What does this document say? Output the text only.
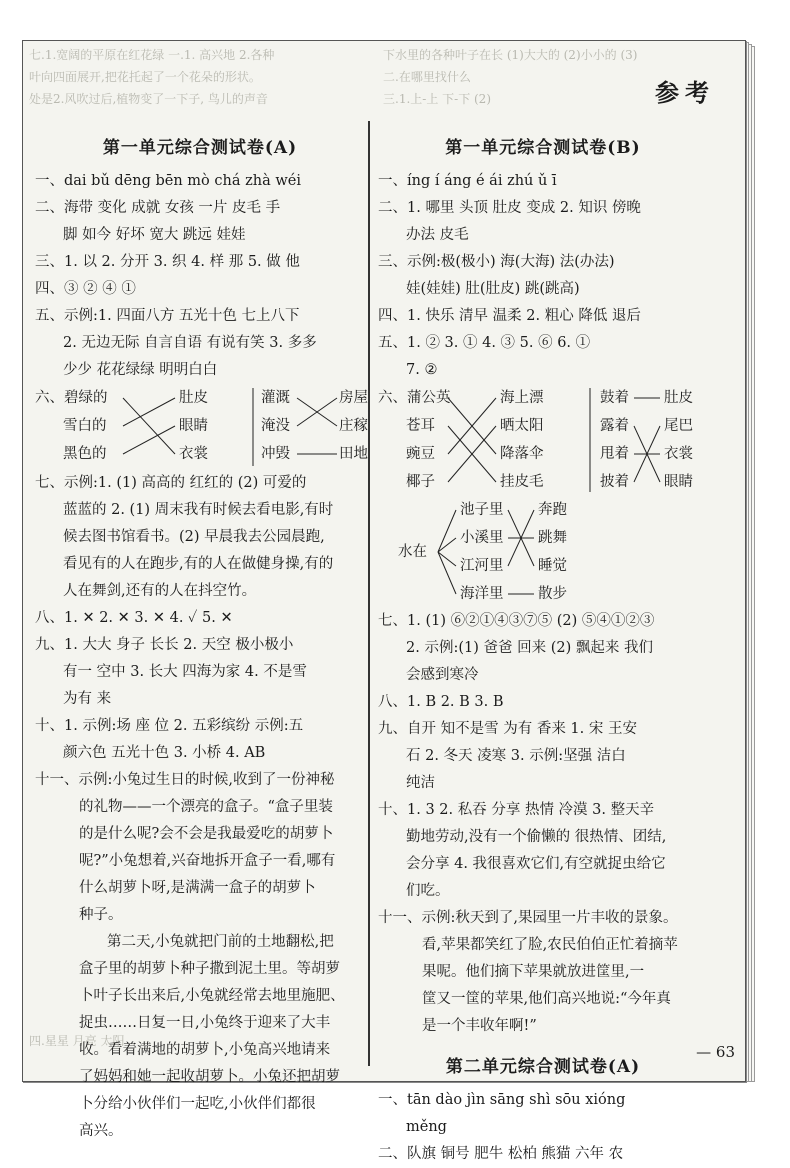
七.1.宽阔的平原在红花绿 一.1. 高兴地 2.各种
叶向四面展开,把花托起了一个花朵的形状。
处是2.风吹过后,植物变了一下子, 鸟儿的声音
下水里的各种叶子在长 (1)大大的 (2)小小的 (3)
二.在哪里找什么
三.1.上-上 下-下 (2)
四.星星 月亮 太阳
参考
第一单元综合测试卷(A)
一、dai bǔ dēng bēn mò chá zhà wéi
二、海带 变化 成就 女孩 一片 皮毛 手
脚 如今 好坏 宽大 跳远 娃娃
三、1. 以 2. 分开 3. 织 4. 样 那 5. 做 他
四、③ ② ④ ①
五、示例:1. 四面八方 五光十色 七上八下
2. 无边无际 自言自语 有说有笑 3. 多多
少少 花花绿绿 明明白白
六、碧绿的
雪白的
黑色的
肚皮
眼睛
衣裳
灌溉
淹没
冲毁
房屋
庄稼
田地
七、示例:1. (1) 高高的 红红的 (2) 可爱的
蓝蓝的 2. (1) 周末我有时候去看电影,有时
候去图书馆看书。(2) 早晨我去公园晨跑,
看见有的人在跑步,有的人在做健身操,有的
人在舞剑,还有的人在抖空竹。
八、1. ✕ 2. ✕ 3. ✕ 4. ✓ 5. ✕
九、1. 大大 身子 长长 2. 天空 极小极小
有一 空中 3. 长大 四海为家 4. 不是雪
为有 来
十、1. 示例:场 座 位 2. 五彩缤纷 示例:五
颜六色 五光十色 3. 小桥 4. AB
十一、示例:小兔过生日的时候,收到了一份神秘
的礼物——一个漂亮的盒子。“盒子里装
的是什么呢?会不会是我最爱吃的胡萝卜
呢?”小兔想着,兴奋地拆开盒子一看,哪有
什么胡萝卜呀,是满满一盒子的胡萝卜
种子。
第二天,小兔就把门前的土地翻松,把
盒子里的胡萝卜种子撒到泥土里。等胡萝
卜叶子长出来后,小兔就经常去地里施肥、
捉虫……日复一日,小兔终于迎来了大丰
收。看着满地的胡萝卜,小兔高兴地请来
了妈妈和她一起收胡萝卜。小兔还把胡萝
卜分给小伙伴们一起吃,小伙伴们都很
高兴。
第一单元综合测试卷(B)
一、íng í áng é ái zhú ǔ ī
二、1. 哪里 头顶 肚皮 变成 2. 知识 傍晚
办法 皮毛
三、示例:极(极小) 海(大海) 法(办法)
娃(娃娃) 肚(肚皮) 跳(跳高)
四、1. 快乐 清早 温柔 2. 粗心 降低 退后
五、1. ② 3. ① 4. ③ 5. ⑥ 6. ①
7. ②
六、蒲公英
苍耳
豌豆
椰子
海上漂
晒太阳
降落伞
挂皮毛
鼓着
露着
甩着
披着
肚皮
尾巴
衣裳
眼睛
水在
池子里
小溪里
江河里
海洋里
奔跑
跳舞
睡觉
散步
七、1. (1) ⑥②①④③⑦⑤ (2) ⑤④①②③
2. 示例:(1) 爸爸 回来 (2) 飘起来 我们
会感到寒冷
八、1. B 2. B 3. B
九、自开 知不是雪 为有 香来 1. 宋 王安
石 2. 冬天 凌寒 3. 示例:坚强 洁白
纯洁
十、1. 3 2. 私吞 分享 热情 冷漠 3. 整天辛
勤地劳动,没有一个偷懒的 很热情、团结,
会分享 4. 我很喜欢它们,有空就捉虫给它
们吃。
十一、示例:秋天到了,果园里一片丰收的景象。
看,苹果都笑红了脸,农民伯伯正忙着摘苹
果呢。他们摘下苹果就放进筐里,一
筐又一筐的苹果,他们高兴地说:“今年真
是一个丰收年啊!”
第二单元综合测试卷(A)
一、tān dào jìn sāng shì sōu xióng
měng
二、队旗 铜号 肥牛 松柏 熊猫 六年 农
— 63
